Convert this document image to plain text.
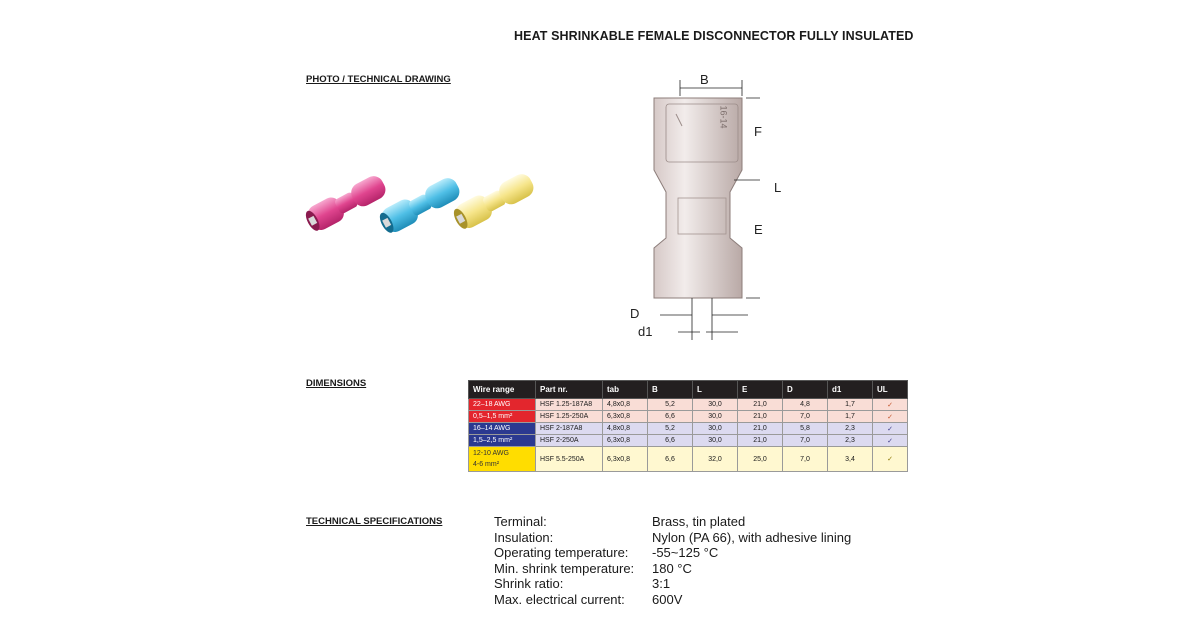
HEAT SHRINKABLE FEMALE DISCONNECTOR FULLY INSULATED
PHOTO / TECHNICAL DRAWING
DIMENSIONS
TECHNICAL SPECIFICATIONS
B
F
L
E
D
d1
16-14
Wire range	Part nr.	tab	B	L	E	D	d1	UL
22–18 AWG	HSF 1.25-187A8	4,8x0,8	5,2	30,0	21,0	4,8	1,7	✓
0,5–1,5 mm²	HSF 1.25-250A	6,3x0,8	6,6	30,0	21,0	7,0	1,7	✓
16–14 AWG	HSF 2-187A8	4,8x0,8	5,2	30,0	21,0	5,8	2,3	✓
1,5–2,5 mm²	HSF 2-250A	6,3x0,8	6,6	30,0	21,0	7,0	2,3	✓

12-10 AWG
4-6 mm²	HSF 5.5-250A	6,3x0,8	6,6	32,0	25,0	7,0	3,4	✓
Terminal:	Brass, tin plated
Insulation:	Nylon (PA 66), with adhesive lining
Operating temperature:	-55~125 °C
Min. shrink temperature:	180 °C
Shrink ratio:	3:1
Max. electrical current:	600V
